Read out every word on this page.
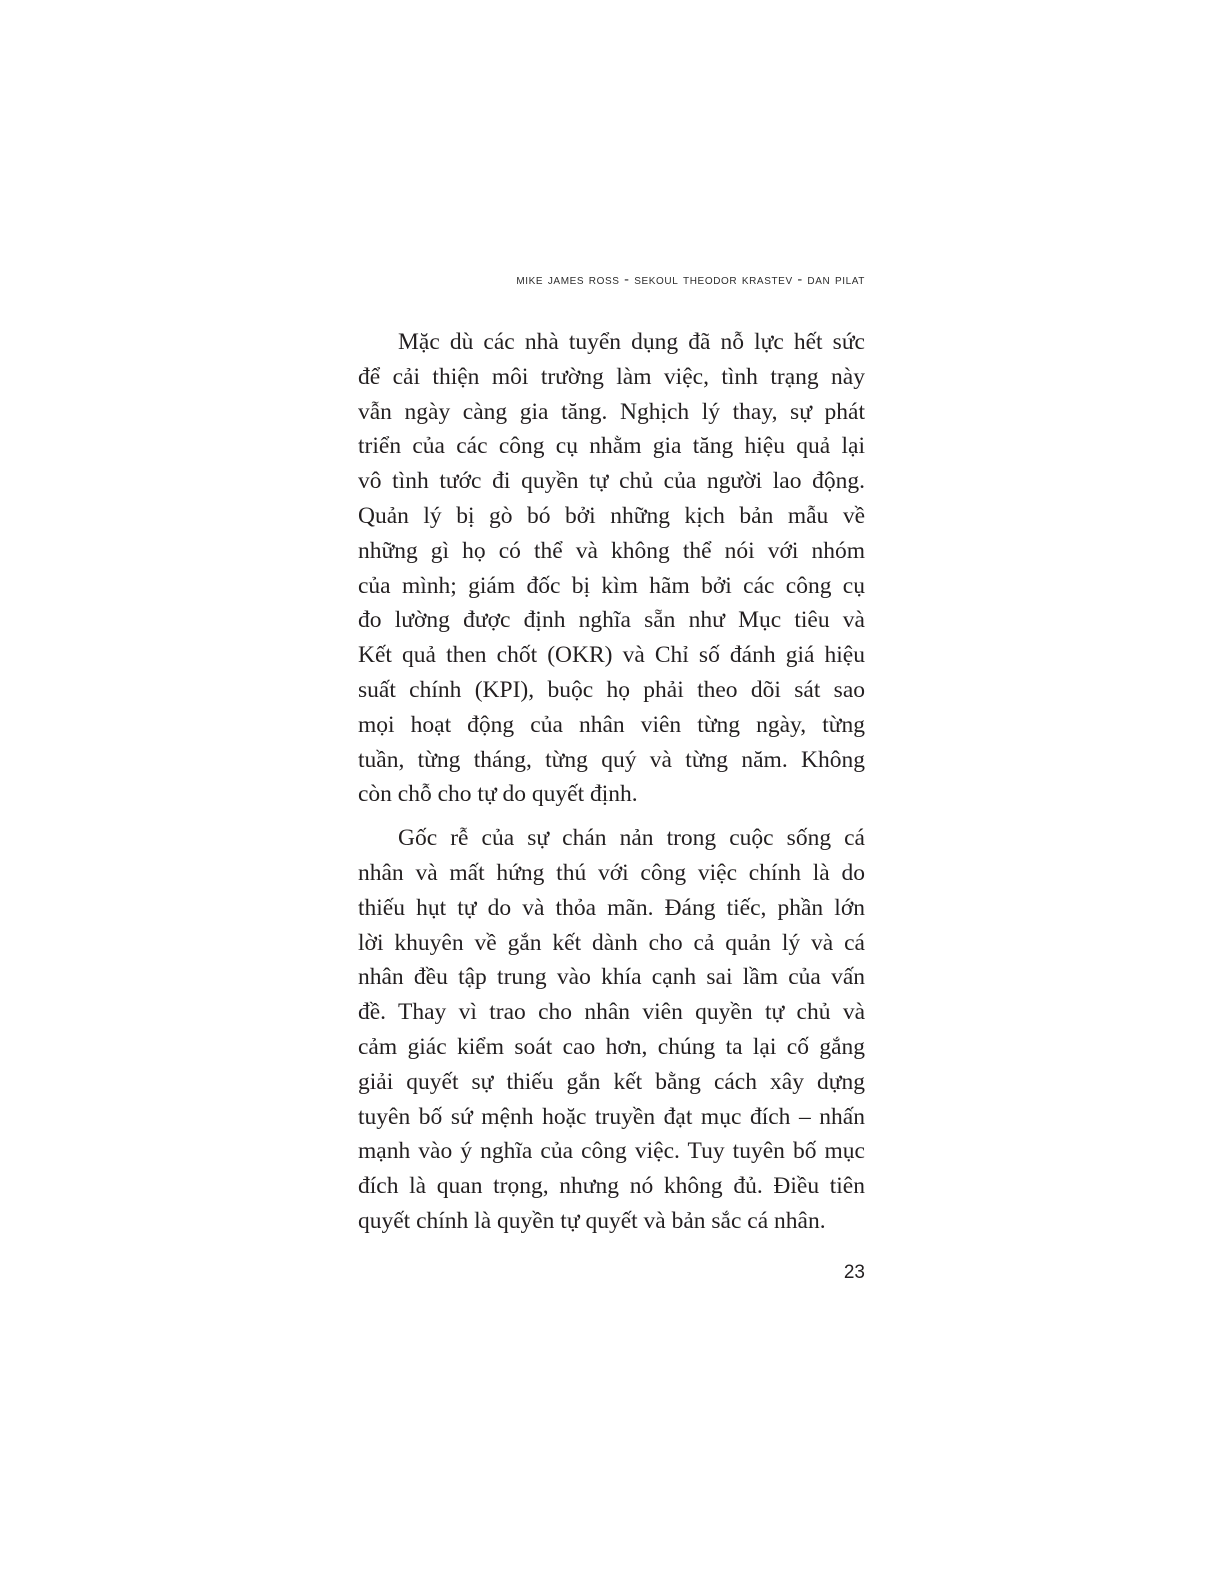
mike james ross - sekoul theodor krastev - dan pilat

Mặc dù các nhà tuyển dụng đã nỗ lực hết sức
để cải thiện môi trường làm việc, tình trạng này
vẫn ngày càng gia tăng. Nghịch lý thay, sự phát
triển của các công cụ nhằm gia tăng hiệu quả lại
vô tình tước đi quyền tự chủ của người lao động.
Quản lý bị gò bó bởi những kịch bản mẫu về
những gì họ có thể và không thể nói với nhóm
của mình; giám đốc bị kìm hãm bởi các công cụ
đo lường được định nghĩa sẵn như Mục tiêu và
Kết quả then chốt (OKR) và Chỉ số đánh giá hiệu
suất chính (KPI), buộc họ phải theo dõi sát sao
mọi hoạt động của nhân viên từng ngày, từng
tuần, từng tháng, từng quý và từng năm. Không
còn chỗ cho tự do quyết định.

Gốc rễ của sự chán nản trong cuộc sống cá
nhân và mất hứng thú với công việc chính là do
thiếu hụt tự do và thỏa mãn. Đáng tiếc, phần lớn
lời khuyên về gắn kết dành cho cả quản lý và cá
nhân đều tập trung vào khía cạnh sai lầm của vấn
đề. Thay vì trao cho nhân viên quyền tự chủ và
cảm giác kiểm soát cao hơn, chúng ta lại cố gắng
giải quyết sự thiếu gắn kết bằng cách xây dựng
tuyên bố sứ mệnh hoặc truyền đạt mục đích – nhấn
mạnh vào ý nghĩa của công việc. Tuy tuyên bố mục
đích là quan trọng, nhưng nó không đủ. Điều tiên
quyết chính là quyền tự quyết và bản sắc cá nhân.

23
